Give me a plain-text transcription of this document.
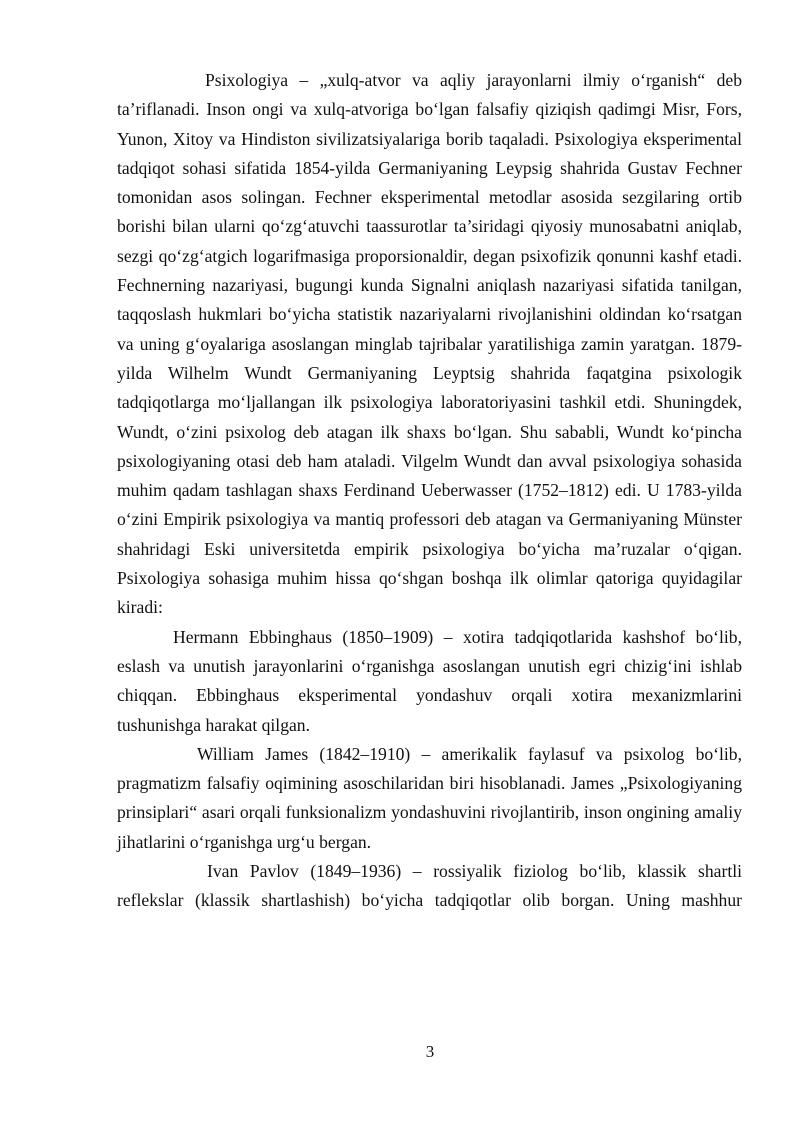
Psixologiya – „xulq-atvor va aqliy jarayonlarni ilmiy o‘rganish“ deb ta’riflanadi. Inson ongi va xulq-atvoriga bo‘lgan falsafiy qiziqish qadimgi Misr, Fors, Yunon, Xitoy va Hindiston sivilizatsiyalariga borib taqaladi. Psixologiya eksperimental tadqiqot sohasi sifatida 1854-yilda Germaniyaning Leypsig shahrida Gustav Fechner tomonidan asos solingan. Fechner eksperimental metodlar asosida sezgilaring ortib borishi bilan ularni qo‘zg‘atuvchi taassurotlar ta’siridagi qiyosiy munosabatni aniqlab, sezgi qo‘zg‘atgich logarifmasiga proporsionaldir, degan psixofizik qonunni kashf etadi. Fechnerning nazariyasi, bugungi kunda Signalni aniqlash nazariyasi sifatida tanilgan, taqqoslash hukmlari bo‘yicha statistik nazariyalarni rivojlanishini oldindan ko‘rsatgan va uning g‘oyalariga asoslangan minglab tajribalar yaratilishiga zamin yaratgan. 1879-yilda Wilhelm Wundt Germaniyaning Leyptsig shahrida faqatgina psixologik tadqiqotlarga mo‘ljallangan ilk psixologiya laboratoriyasini tashkil etdi. Shuningdek, Wundt, o‘zini psixolog deb atagan ilk shaxs bo‘lgan. Shu sababli, Wundt ko‘pincha psixologiyaning otasi deb ham ataladi. Vilgelm Wundt dan avval psixologiya sohasida muhim qadam tashlagan shaxs Ferdinand Ueberwasser (1752–1812) edi. U 1783-yilda o‘zini Empirik psixologiya va mantiq professori deb atagan va Germaniyaning Münster shahridagi Eski universitetda empirik psixologiya bo‘yicha ma’ruzalar o‘qigan. Psixologiya sohasiga muhim hissa qo‘shgan boshqa ilk olimlar qatoriga quyidagilar kiradi:

Hermann Ebbinghaus (1850–1909) – xotira tadqiqotlarida kashshof bo‘lib, eslash va unutish jarayonlarini o‘rganishga asoslangan unutish egri chizig‘ini ishlab chiqqan. Ebbinghaus eksperimental yondashuv orqali xotira mexanizmlarini tushunishga harakat qilgan.

William James (1842–1910) – amerikalik faylasuf va psixolog bo‘lib, pragmatizm falsafiy oqimining asoschilaridan biri hisoblanadi. James „Psixologiyaning prinsiplari“ asari orqali funksionalizm yondashuvini rivojlantirib, inson ongining amaliy jihatlarini o‘rganishga urg‘u bergan.

Ivan Pavlov (1849–1936) – rossiyalik fiziolog bo‘lib, klassik shartli reflekslar (klassik shartlashish) bo‘yicha tadqiqotlar olib borgan. Uning mashhur

3
